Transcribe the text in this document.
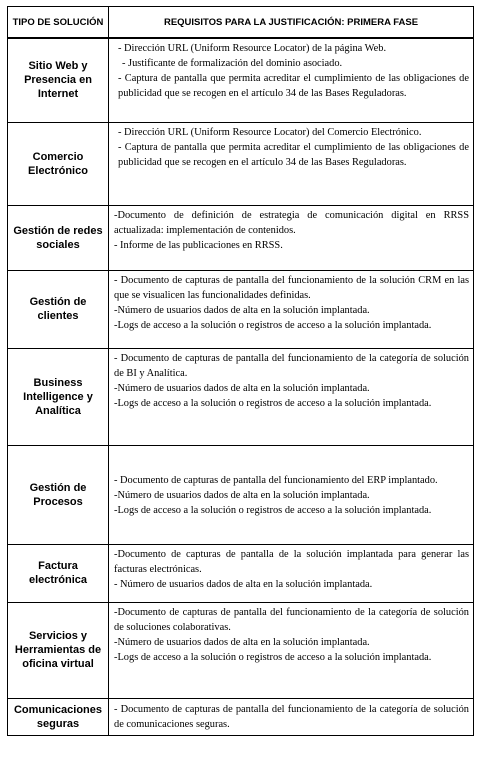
TIPO DE SOLUCIÓN	REQUISITOS PARA LA JUSTIFICACIÓN: PRIMERA FASE
Sitio Web y Presencia en Internet	- Dirección URL (Uniform Resource Locator) de la página Web.
- Justificante de formalización del dominio asociado.
- Captura de pantalla que permita acreditar el cumplimiento de las obligaciones de publicidad que se recogen en el artículo 34 de las Bases Reguladoras.

Comercio Electrónico	- Dirección URL (Uniform Resource Locator) del Comercio Electrónico.
- Captura de pantalla que permita acreditar el cumplimiento de las obligaciones de publicidad que se recogen en el artículo 34 de las Bases Reguladoras.

Gestión de redes sociales	-Documento de definición de estrategia de comunicación digital en RRSS actualizada: implementación de contenidos.
- Informe de las publicaciones en RRSS.

Gestión de clientes	- Documento de capturas de pantalla del funcionamiento de la solución CRM en las que se visualicen las funcionalidades definidas.
-Número de usuarios dados de alta en la solución implantada.
-Logs de acceso a la solución o registros de acceso a la solución implantada.

Business Intelligence y Analítica	- Documento de capturas de pantalla del funcionamiento de la categoría de solución de BI y Analítica.
-Número de usuarios dados de alta en la solución implantada.
-Logs de acceso a la solución o registros de acceso a la solución implantada.

Gestión de Procesos	- Documento de capturas de pantalla del funcionamiento del ERP implantado.
-Número de usuarios dados de alta en la solución implantada.
-Logs de acceso a la solución o registros de acceso a la solución implantada.

Factura electrónica	-Documento de capturas de pantalla de la solución implantada para generar las facturas electrónicas.
- Número de usuarios dados de alta en la solución implantada.

Servicios y Herramientas de oficina virtual	-Documento de capturas de pantalla del funcionamiento de la categoría de solución de soluciones colaborativas.
-Número de usuarios dados de alta en la solución implantada.
-Logs de acceso a la solución o registros de acceso a la solución implantada.

Comunicaciones seguras	- Documento de capturas de pantalla del funcionamiento de la categoría de solución de comunicaciones seguras.
